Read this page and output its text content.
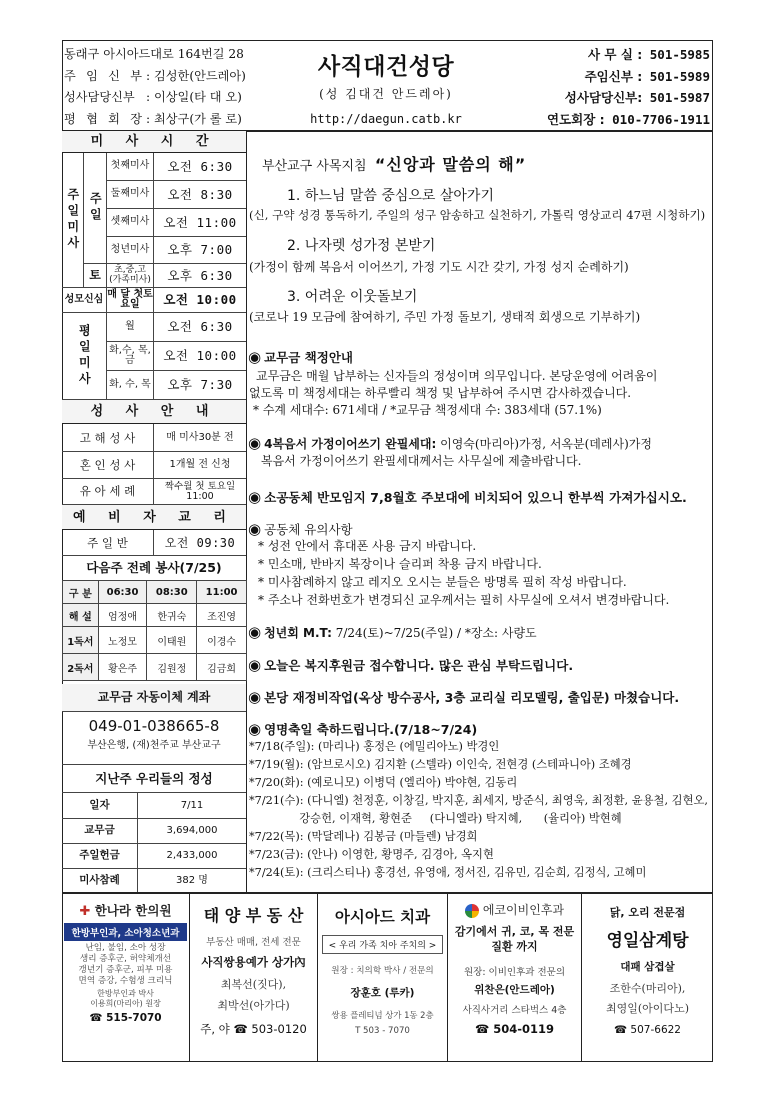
동래구 아시아드대로 164번길 28
주 임 신 부 : 김성한(안드레아)
성사담당신부 : 이상일(타 대 오)
평 협 회 장 : 최상구(가 롤 로)
사직대건성당
(성 김대건 안드레아)
http://daegun.catb.kr
사 무 실 :
501-5985
주임신부 :
501-5989
성사담당신부:
501-5987
연도회장 :
010-7706-1911
미 사 시 간
주일미사 주일
토
첫째미사	오전 6:30
둘째미사	오전 8:30
셋째미사	오전 11:00
청년미사	오후 7:00
초,중,고 (가족미사)	오후 6:30
성모신심 매 달 첫토요일	오전 10:00
평일미사	월	오전 6:30
화,수, 목,금	오전 10:00
화, 수, 목	오후 7:30
성 사 안 내
고 해 성 사	매 미사30분 전
혼 인 성 사	1개월 전 신청
유 아 세 례	짝수월 첫 토요일 11:00
예 비 자 교 리
주 일 반	오전 09:30
다음주 전례 봉사(7/25)
구 분	06:30	08:30	11:00
해 설	엄정애	한귀숙	조진영
1독서	노정모	이태원	이경수
2독서	황은주	김원정	김금희
교무금 자동이체 계좌
049-01-038665-8
부산은행, (재)천주교 부산교구
지난주 우리들의 정성
일자	7/11
교무금	3,694,000
주일헌금	2,433,000
미사참례	382 명
부산교구 사목지침 “신앙과 말씀의 해”
1. 하느님 말씀 중심으로 살아가기
(신, 구약 성경 통독하기, 주일의 성구 암송하고 실천하기, 가톨릭 영상교리 47편 시청하기)
2. 나자렛 성가정 본받기
(가정이 함께 복음서 이어쓰기, 가정 기도 시간 갖기, 가정 성지 순례하기)
3. 어려운 이웃돌보기
(코로나 19 모금에 참여하기, 주민 가정 돌보기, 생태적 회생으로 기부하기)
◉ 교무금 책정안내
교무금은 매월 납부하는 신자들의 정성이며 의무입니다. 본당운영에 어려움이
없도록 미 책정세대는 하루빨리 책정 및 납부하여 주시면 감사하겠습니다.
* 수계 세대수: 671세대 / *교무금 책정세대 수: 383세대 (57.1%)
◉ 4복음서 가정이어쓰기 완필세대: 이영숙(마리아)가정, 서옥분(데레사)가정
복음서 가정이어쓰기 완필세대께서는 사무실에 제출바랍니다.
◉ 소공동체 반모임지 7,8월호 주보대에 비치되어 있으니 한부씩 가져가십시오.
◉ 공동체 유의사항
* 성전 안에서 휴대폰 사용 금지 바랍니다.
* 민소매, 반바지 복장이나 슬리퍼 착용 금지 바랍니다.
* 미사참례하지 않고 레지오 오시는 분들은 방명록 필히 작성 바랍니다.
* 주소나 전화번호가 변경되신 교우께서는 필히 사무실에 오셔서 변경바랍니다.
◉ 청년회 M.T: 7/24(토)~7/25(주일) / *장소: 사량도
◉ 오늘은 복지후원금 접수합니다. 많은 관심 부탁드립니다.
◉ 본당 재정비작업(옥상 방수공사, 3층 교리실 리모델링, 출입문) 마쳤습니다.
◉ 영명축일 축하드립니다.(7/18~7/24)
*7/18(주일): (마리나) 홍정은 (에밀리아노) 박경인
*7/19(월): (암브로시오) 김지환 (스텔라) 이인숙, 전현경 (스테파니아) 조혜경
*7/20(화): (예로니모) 이병덕 (엘리아) 박야현, 김동리
*7/21(수): (다니엘) 천정훈, 이창길, 박지훈, 최세지, 방준식, 최영욱, 최정환, 윤용철, 김현오,
강승헌, 이재혁, 황현준     (다니엘라) 탁지혜,      (율리아) 박현혜
*7/22(목): (막달레나) 김봉금 (마들렌) 남경희
*7/23(금): (안나) 이영한, 황명주, 김경아, 옥지현
*7/24(토): (크리스티나) 홍경선, 유영애, 정서진, 김유민, 김순희, 김정식, 고혜미
✚ 한나라 한의원
한방부인과, 소아청소년과
난임, 불임, 소아 성장
생리 증후군, 허약체개선
갱년기 증후군, 피부 미용
면역 증강, 수험생 크리닉
한방부인과 박사
이용희(마리아) 원장
☎ 515-7070
태 양 부 동 산
부동산 매매, 전세 전문
사직쌍용예가 상가內
최복선(짓다),
최박선(아가다)
주, 야 ☎ 503-0120
아시아드 치과
< 우리 가족 치아 주치의 >
원장 : 치의학 박사 / 전문의
장훈호 (루카)
쌍용 플레티넘 상가 1동 2층
T 503 - 7070
에코이비인후과
감기에서 귀, 코, 목 전문 질환 까지
원장: 이비인후과 전문의
위찬은(안드레아)
사직사거리 스타벅스 4층
☎ 504-0119
닭, 오리 전문점
영일삼계탕
대패 삼겹살
조한수(마리아),
최영일(아이다노)
☎ 507-6622
